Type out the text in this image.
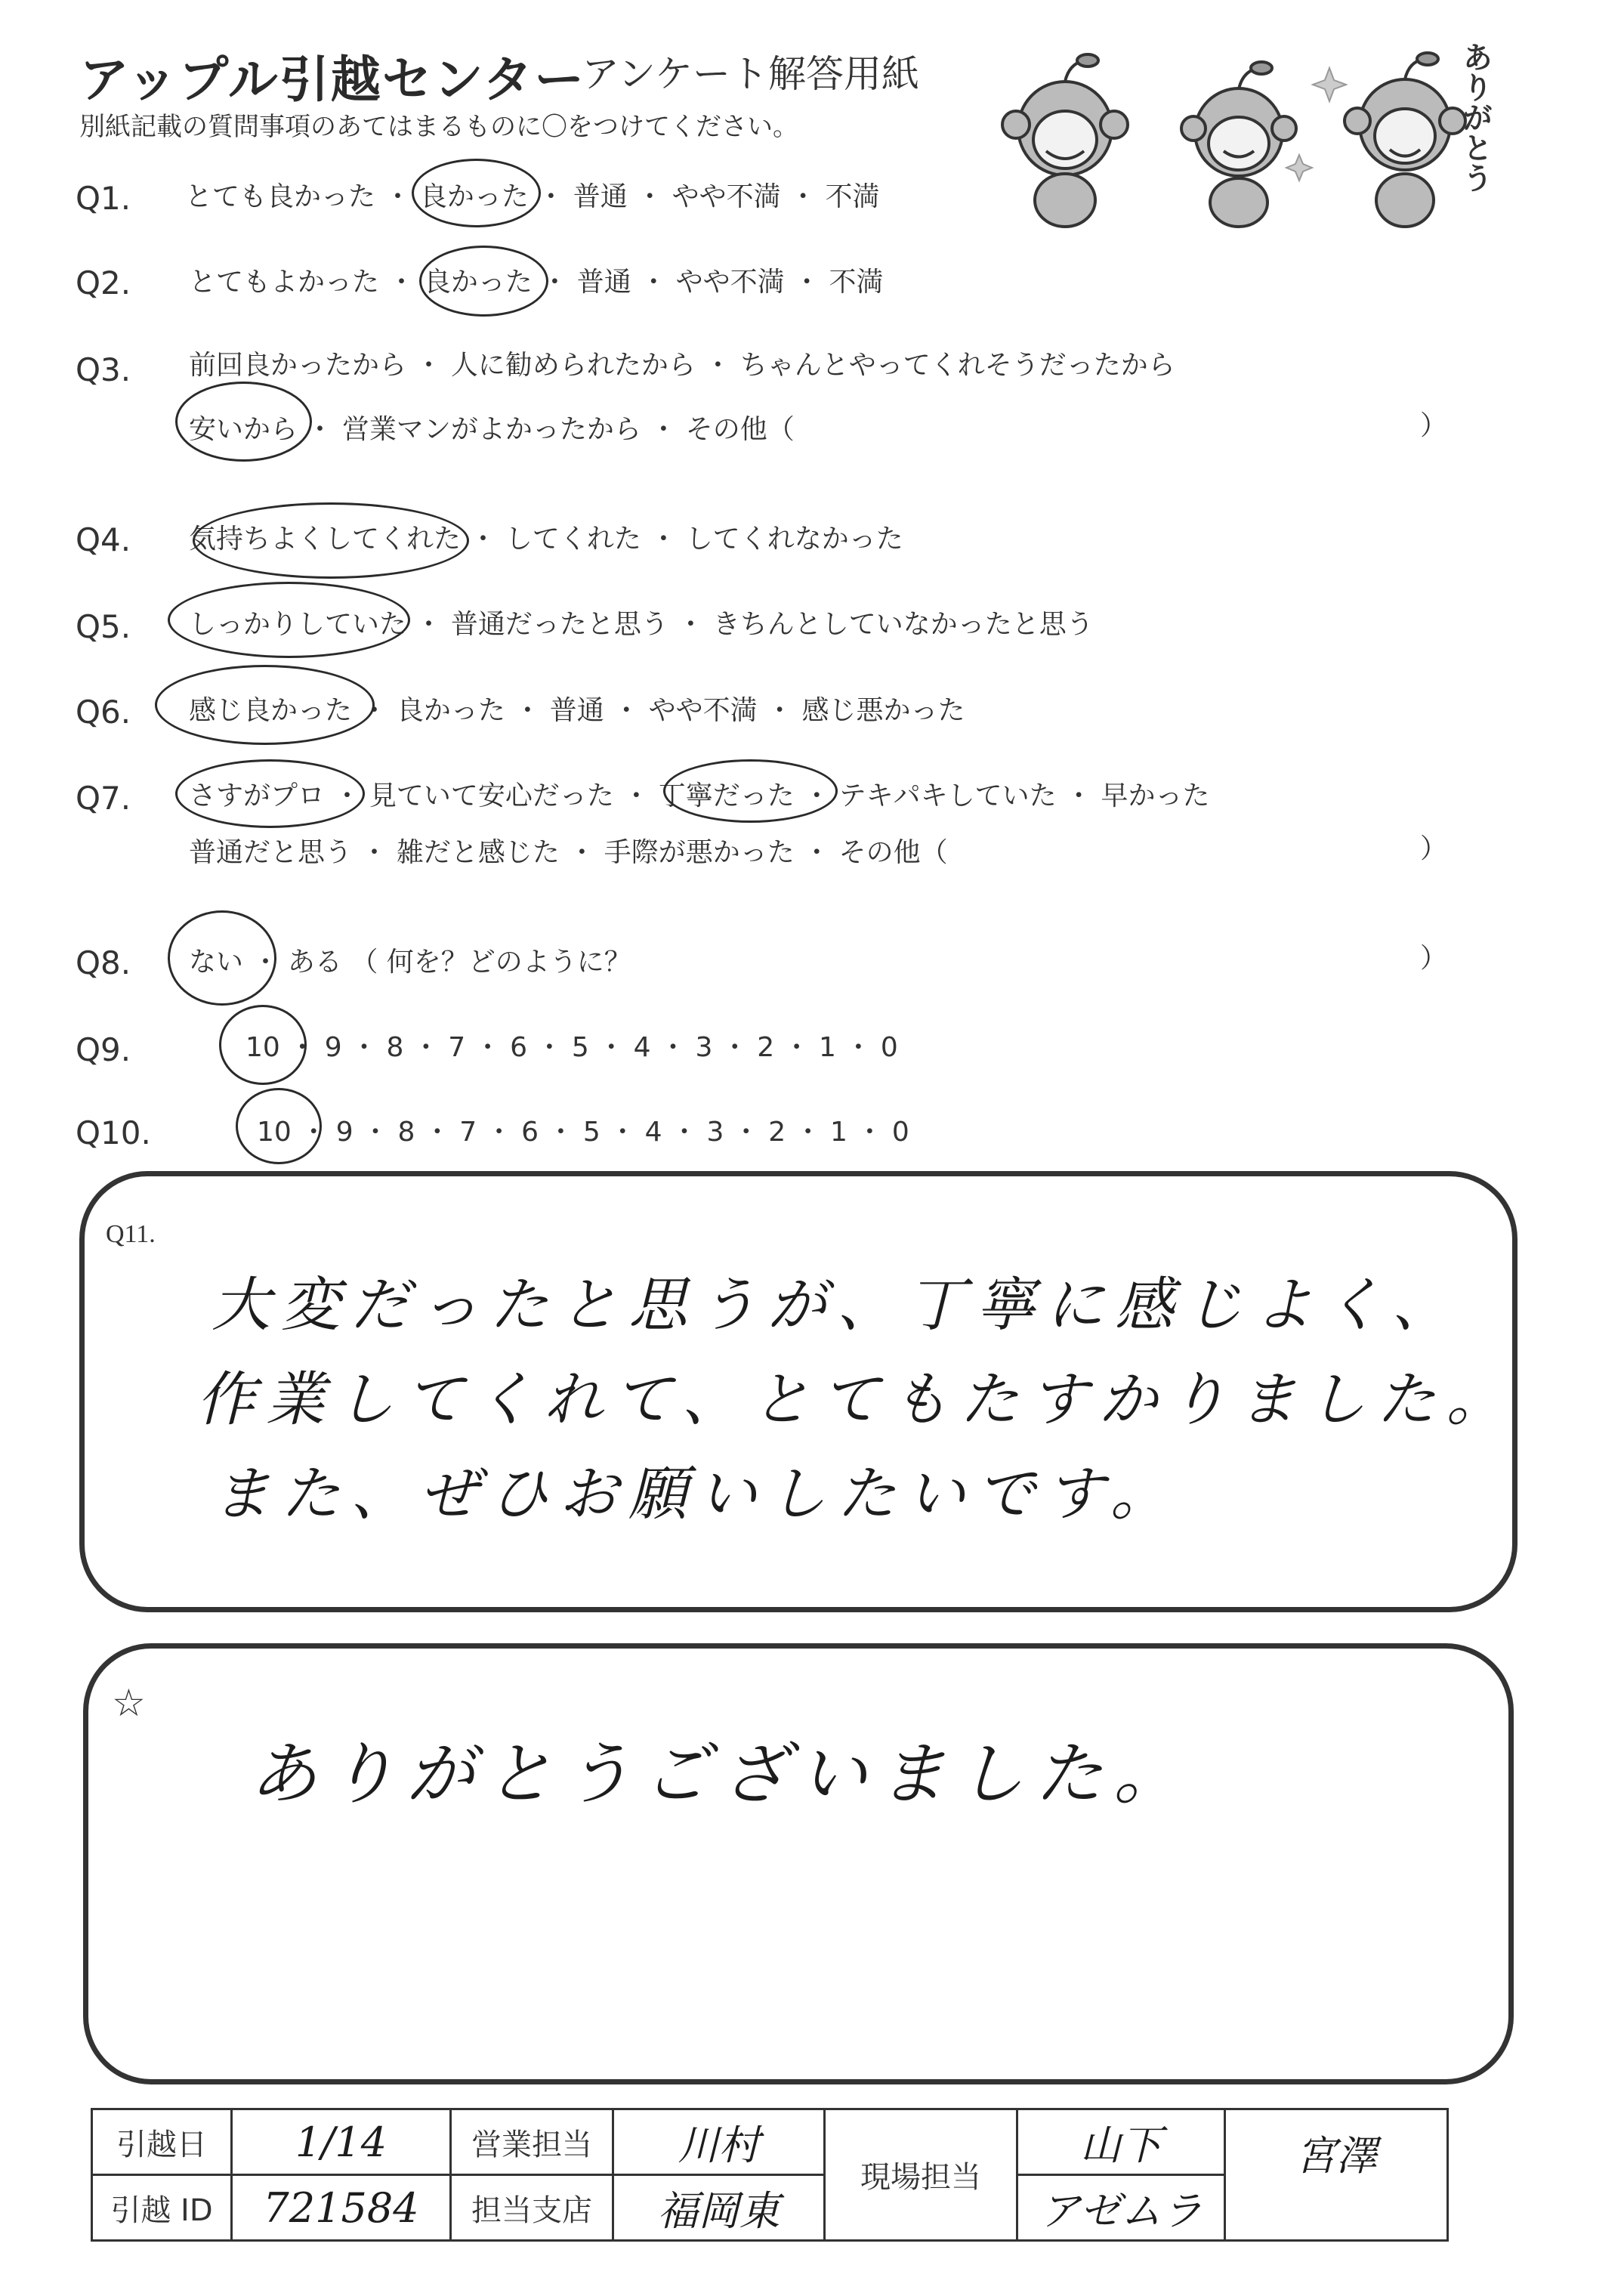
アップル引越センター
アンケート解答用紙
別紙記載の質問事項のあてはまるものに〇をつけてください。	ありがとう
Q1. とても良かった ・ 良かった ・ 普通 ・ やや不満 ・ 不満
Q2. とてもよかった ・ 良かった ・ 普通 ・ やや不満 ・ 不満
Q3. 前回良かったから ・ 人に勧められたから ・ ちゃんとやってくれそうだったから
安いから ・ 営業マンがよかったから ・ その他（	）
Q4. 気持ちよくしてくれた ・ してくれた ・ してくれなかった
Q5. しっかりしていた ・ 普通だったと思う ・ きちんとしていなかったと思う
Q6. 感じ良かった ・ 良かった ・ 普通 ・ やや不満 ・ 感じ悪かった
Q7. さすがプロ ・ 見ていて安心だった ・ 丁寧だった ・ テキパキしていた ・ 早かった
普通だと思う ・ 雑だと感じた ・ 手際が悪かった ・ その他（	）
Q8. ない ・ ある （ 何を？どのように？	）
Q9.	10 ・ 9 ・ 8 ・ 7 ・ 6 ・ 5 ・ 4 ・ 3 ・ 2 ・ 1 ・ 0
Q10.	10 ・ 9 ・ 8 ・ 7 ・ 6 ・ 5 ・ 4 ・ 3 ・ 2 ・ 1 ・ 0
Q11.
大変だったと思うが、丁寧に感じよく、
作業してくれて、とてもたすかりました。
また、ぜひお願いしたいです。
☆
ありがとうございました。
引越日	1/14	営業担当	川村	現場担当	山下	宮澤
引越 ID	721584	担当支店	福岡東		アゼムラ	
